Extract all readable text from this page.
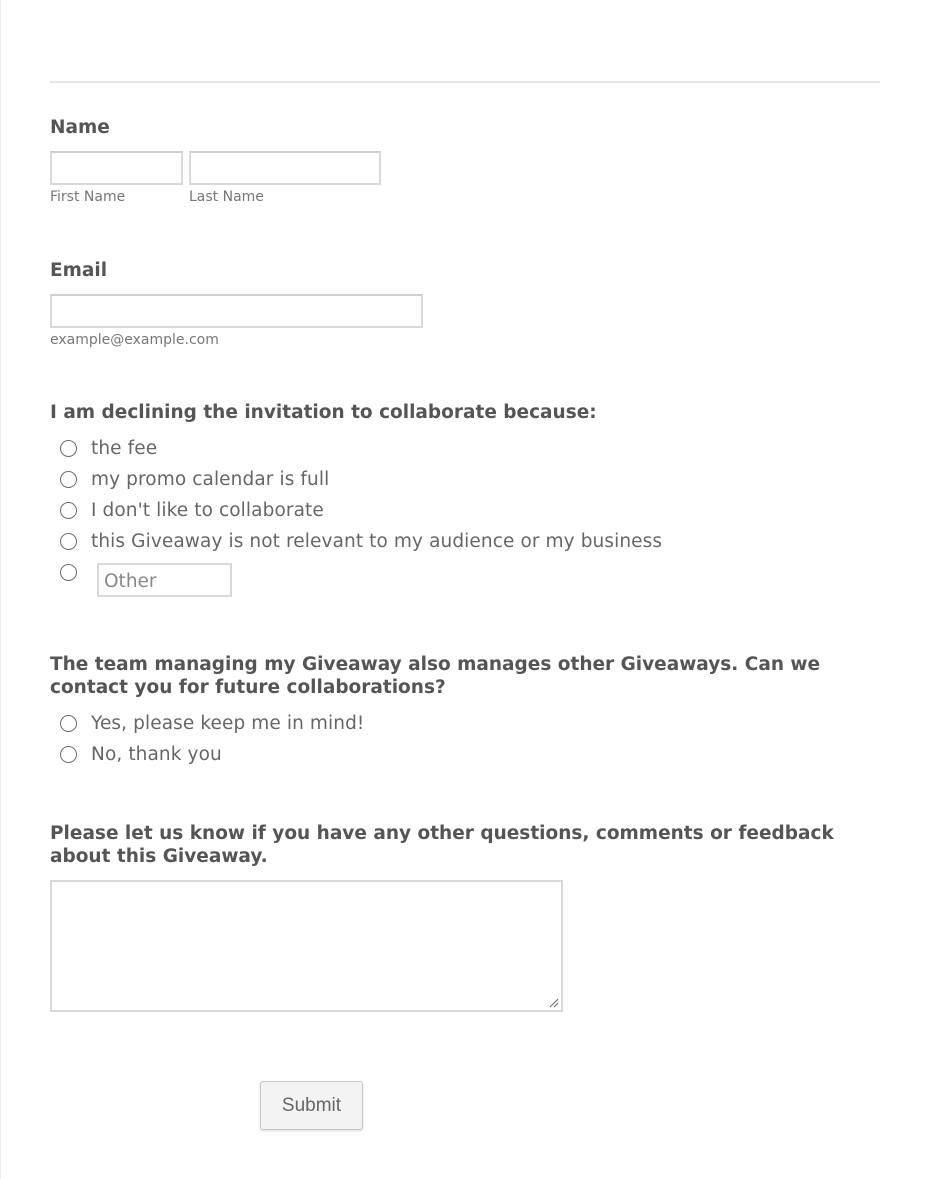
Name
First Name	Last Name
Email
example@example.com
I am declining the invitation to collaborate because:
the fee
my promo calendar is full
I don't like to collaborate
this Giveaway is not relevant to my audience or my business
Other
The team managing my Giveaway also manages other Giveaways. Can we contact you for future collaborations?
Yes, please keep me in mind!
No, thank you
Please let us know if you have any other questions, comments or feedback about this Giveaway.
Submit
